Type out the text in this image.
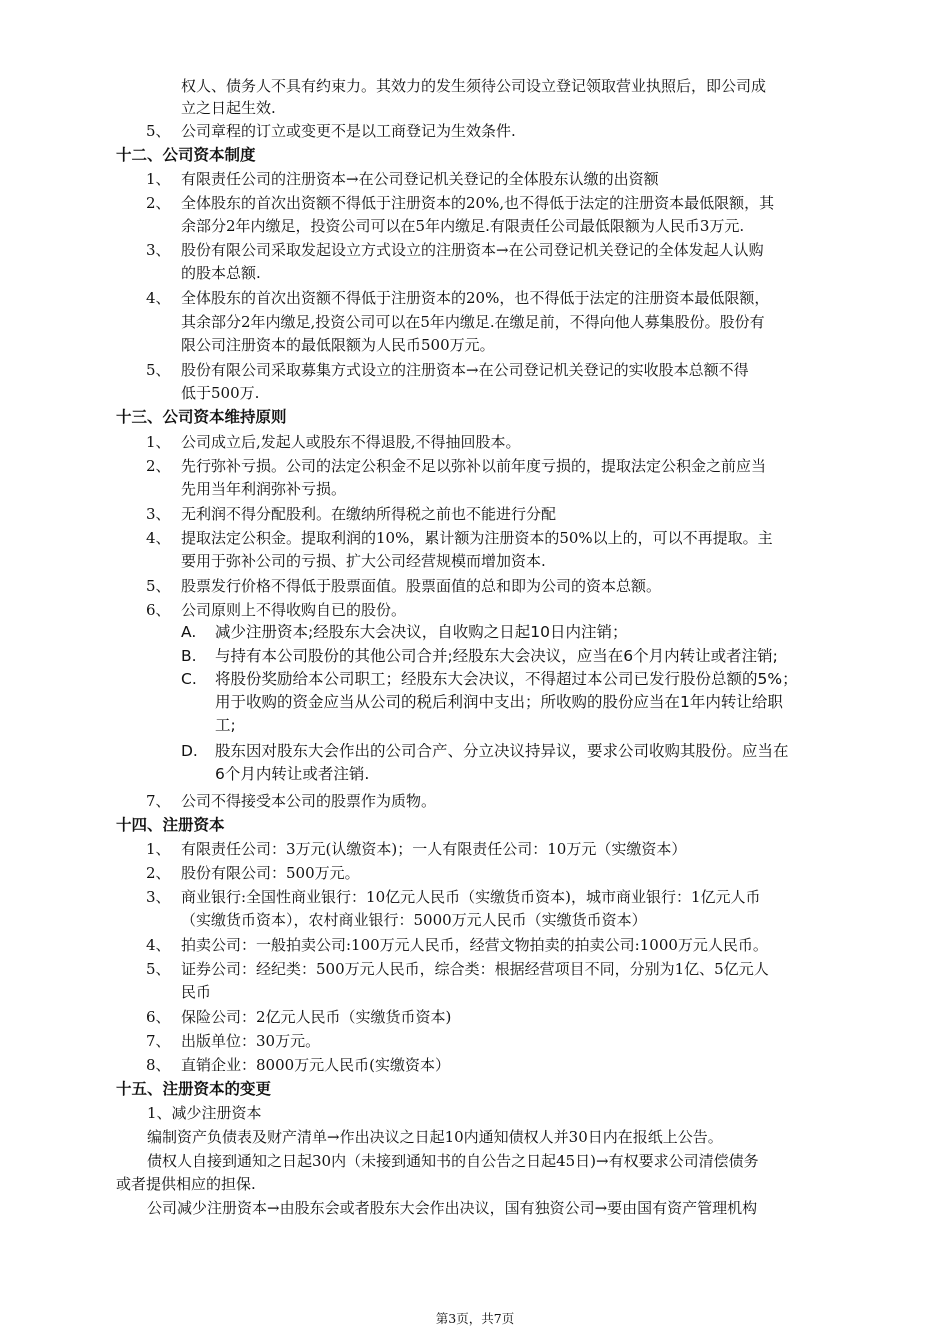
权人、债务人不具有约束力。其效力的发生须待公司设立登记领取营业执照后，即公司成
立之日起生效.
5、 公司章程的订立或变更不是以工商登记为生效条件.
十二、公司资本制度
1、 有限责任公司的注册资本→在公司登记机关登记的全体股东认缴的出资额
2、 全体股东的首次出资额不得低于注册资本的20%,也不得低于法定的注册资本最低限额，其
余部分2年内缴足，投资公司可以在5年内缴足.有限责任公司最低限额为人民币3万元.
3、 股份有限公司采取发起设立方式设立的注册资本→在公司登记机关登记的全体发起人认购
的股本总额.
4、 全体股东的首次出资额不得低于注册资本的20%，也不得低于法定的注册资本最低限额，
其余部分2年内缴足,投资公司可以在5年内缴足.在缴足前，不得向他人募集股份。股份有
限公司注册资本的最低限额为人民币500万元。
5、 股份有限公司采取募集方式设立的注册资本→在公司登记机关登记的实收股本总额不得
低于500万.
十三、公司资本维持原则
1、 公司成立后,发起人或股东不得退股,不得抽回股本。
2、 先行弥补亏损。公司的法定公积金不足以弥补以前年度亏损的，提取法定公积金之前应当
先用当年利润弥补亏损。
3、 无利润不得分配股利。在缴纳所得税之前也不能进行分配
4、 提取法定公积金。提取利润的10%，累计额为注册资本的50%以上的，可以不再提取。主
要用于弥补公司的亏损、扩大公司经营规模而增加资本.
5、 股票发行价格不得低于股票面值。股票面值的总和即为公司的资本总额。
6、 公司原则上不得收购自已的股份。
A. 减少注册资本;经股东大会决议，自收购之日起10日内注销；
B. 与持有本公司股份的其他公司合并;经股东大会决议，应当在6个月内转让或者注销;
C. 将股份奖励给本公司职工；经股东大会决议，不得超过本公司已发行股份总额的5%；
用于收购的资金应当从公司的税后利润中支出；所收购的股份应当在1年内转让给职
工;
D. 股东因对股东大会作出的公司合产、分立决议持异议，要求公司收购其股份。应当在
6个月内转让或者注销.
7、 公司不得接受本公司的股票作为质物。
十四、注册资本
1、 有限责任公司：3万元(认缴资本)；一人有限责任公司：10万元（实缴资本）
2、 股份有限公司：500万元。
3、 商业银行:全国性商业银行：10亿元人民币（实缴货币资本)，城市商业银行：1亿元人币
（实缴货币资本），农村商业银行：5000万元人民币（实缴货币资本）
4、 拍卖公司：一般拍卖公司:100万元人民币，经营文物拍卖的拍卖公司:1000万元人民币。
5、 证券公司：经纪类：500万元人民币，综合类：根据经营项目不同，分别为1亿、5亿元人
民币
6、 保险公司：2亿元人民币（实缴货币资本)
7、 出版单位：30万元。
8、 直销企业：8000万元人民币(实缴资本）
十五、注册资本的变更
1、减少注册资本
编制资产负债表及财产清单→作出决议之日起10内通知债权人并30日内在报纸上公告。
债权人自接到通知之日起30内（未接到通知书的自公告之日起45日)→有权要求公司清偿债务
或者提供相应的担保.
公司减少注册资本→由股东会或者股东大会作出决议，国有独资公司→要由国有资产管理机构
第3页，共7页
